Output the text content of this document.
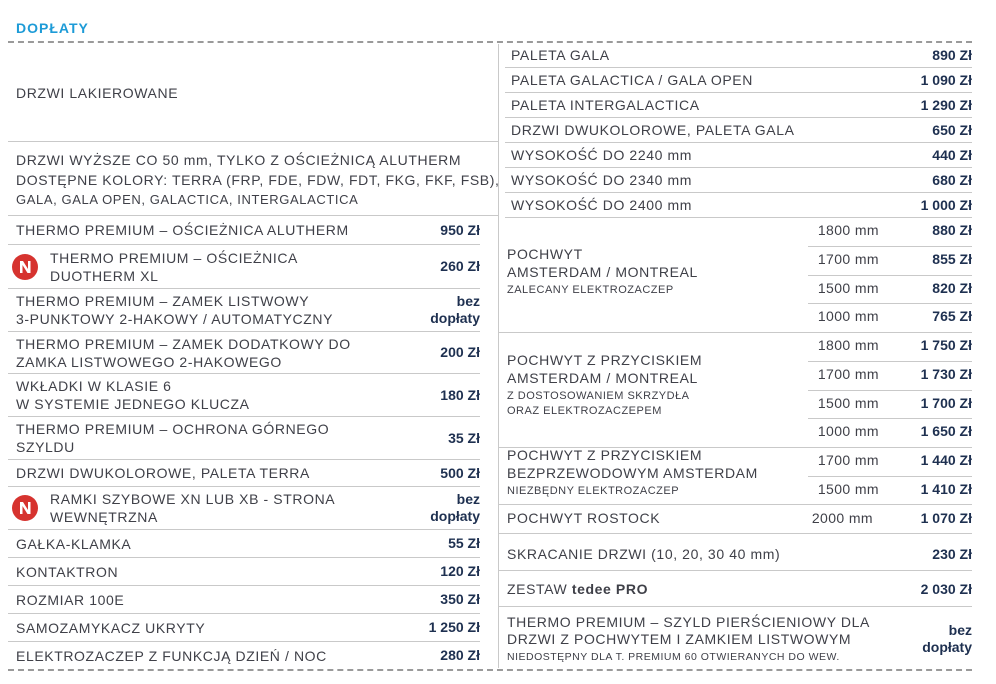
DOPŁATY
DRZWI LAKIEROWANE
DRZWI WYŻSZE CO 50 mm, TYLKO Z OŚCIEŻNICĄ ALUTHERM
DOSTĘPNE KOLORY: TERRA (FRP, FDE, FDW, FDT, FKG, FKF, FSB),
GALA, GALA OPEN, GALACTICA, INTERGALACTICA
THERMO PREMIUM – OŚCIEŻNICA ALUTHERM	950 Zł
THERMO PREMIUM – OŚCIEŻNICA
DUOTHERM XL
260 Zł
THERMO PREMIUM – ZAMEK LISTWOWY
3-PUNKTOWY 2-HAKOWY / AUTOMATYCZNY
bez
dopłaty
THERMO PREMIUM – ZAMEK DODATKOWY DO
ZAMKA LISTWOWEGO 2-HAKOWEGO
200 Zł
WKŁADKI W KLASIE 6
W SYSTEMIE JEDNEGO KLUCZA
180 Zł
THERMO PREMIUM – OCHRONA GÓRNEGO
SZYLDU
35 Zł
DRZWI DWUKOLOROWE, PALETA TERRA	500 Zł
RAMKI SZYBOWE XN LUB XB - STRONA
WEWNĘTRZNA
bez
dopłaty
GAŁKA-KLAMKA	55 Zł
KONTAKTRON	120 Zł
ROZMIAR 100E	350 Zł
SAMOZAMYKACZ UKRYTY	1 250 Zł
ELEKTROZACZEP Z FUNKCJĄ DZIEŃ / NOC	280 Zł
PALETA GALA	890 Zł
PALETA GALACTICA / GALA OPEN	1 090 Zł
PALETA INTERGALACTICA	1 290 Zł
DRZWI DWUKOLOROWE, PALETA GALA	650 Zł
WYSOKOŚĆ DO 2240 mm	440 Zł
WYSOKOŚĆ DO 2340 mm	680 Zł
WYSOKOŚĆ DO 2400 mm	1 000 Zł
POCHWYT
AMSTERDAM / MONTREAL
ZALECANY ELEKTROZACZEP
1800 mm	880 Zł
1700 mm	855 Zł
1500 mm	820 Zł
1000 mm	765 Zł
POCHWYT Z PRZYCISKIEM
AMSTERDAM / MONTREAL
Z DOSTOSOWANIEM SKRZYDŁA
ORAZ ELEKTROZACZEPEM
1800 mm	1 750 Zł
1700 mm	1 730 Zł
1500 mm	1 700 Zł
1000 mm	1 650 Zł
POCHWYT Z PRZYCISKIEM
BEZPRZEWODOWYM AMSTERDAM
NIEZBĘDNY ELEKTROZACZEP
1700 mm	1 440 Zł
1500 mm	1 410 Zł
POCHWYT ROSTOCK	2000 mm	1 070 Zł
SKRACANIE DRZWI (10, 20, 30 40 mm)	230 Zł
ZESTAW tedee PRO	2 030 Zł
THERMO PREMIUM – SZYLD PIERŚCIENIOWY DLA
DRZWI Z POCHWYTEM I ZAMKIEM LISTWOWYM
NIEDOSTĘPNY DLA T. PREMIUM 60 OTWIERANYCH DO WEW.
bez
dopłaty
